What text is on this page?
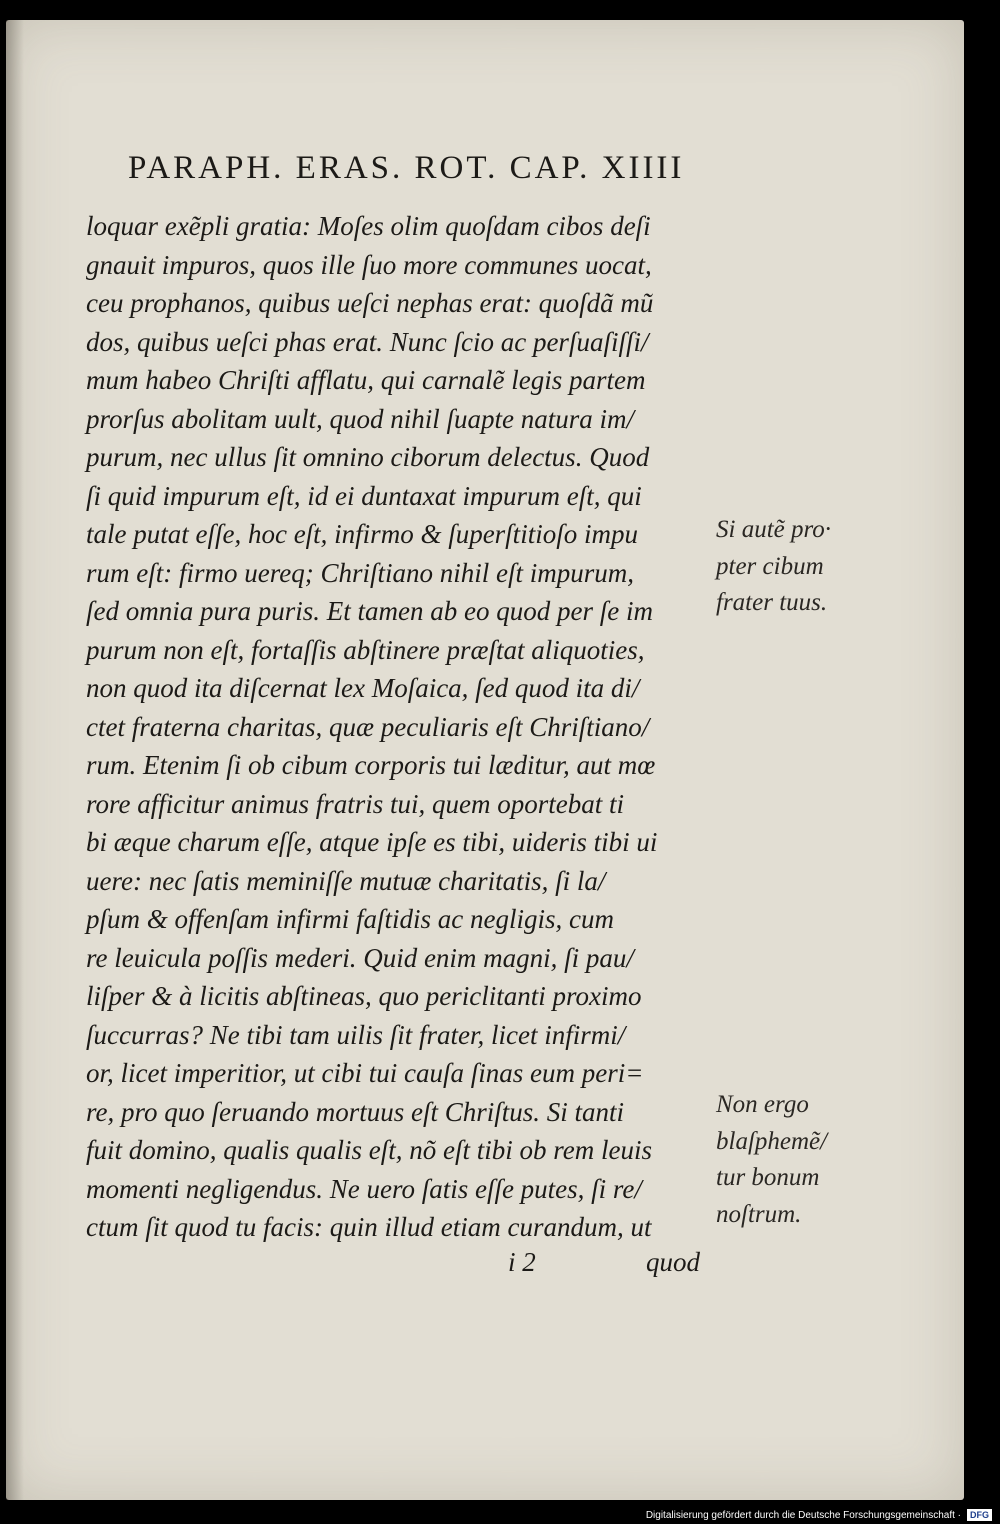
PARAPH. ERAS. ROT. CAP. XIIII
loquar exẽpli gratia: Moſes olim quoſdam cibos deſi
gnauit impuros, quos ille ſuo more communes uocat,
ceu prophanos, quibus ueſci nephas erat: quoſdã mũ
dos, quibus ueſci phas erat. Nunc ſcio ac perſuaſiſſi/
mum habeo Chriſti afflatu, qui carnalẽ legis partem
prorſus abolitam uult, quod nihil ſuapte natura im/
purum, nec ullus ſit omnino ciborum delectus. Quod
ſi quid impurum eſt, id ei duntaxat impurum eſt, qui
tale putat eſſe, hoc eſt, infirmo & ſuperſtitioſo impu
rum eſt: firmo uereq; Chriſtiano nihil eſt impurum,
ſed omnia pura puris. Et tamen ab eo quod per ſe im
purum non eſt, fortaſſis abſtinere præſtat aliquoties,
non quod ita diſcernat lex Moſaica, ſed quod ita di/
ctet fraterna charitas, quæ peculiaris eſt Chriſtiano/
rum. Etenim ſi ob cibum corporis tui læditur, aut mœ
rore afficitur animus fratris tui, quem oportebat ti
bi æque charum eſſe, atque ipſe es tibi, uideris tibi ui
uere: nec ſatis meminiſſe mutuæ charitatis, ſi la/
pſum & offenſam infirmi faſtidis ac negligis, cum
re leuicula poſſis mederi. Quid enim magni, ſi pau/
liſper & à licitis abſtineas, quo periclitanti proximo
ſuccurras? Ne tibi tam uilis ſit frater, licet infirmi/
or, licet imperitior, ut cibi tui cauſa ſinas eum peri=
re, pro quo ſeruando mortuus eſt Chriſtus. Si tanti
fuit domino, qualis qualis eſt, nõ eſt tibi ob rem leuis
momenti negligendus. Ne uero ſatis eſſe putes, ſi re/
ctum ſit quod tu facis: quin illud etiam curandum, ut
Si autẽ pro·
pter cibum
frater tuus.
Non ergo
blaſphemẽ/
tur bonum
noſtrum.
i 2	quod
Digitalisierung gefördert durch die Deutsche Forschungsgemeinschaft ·	DFG
